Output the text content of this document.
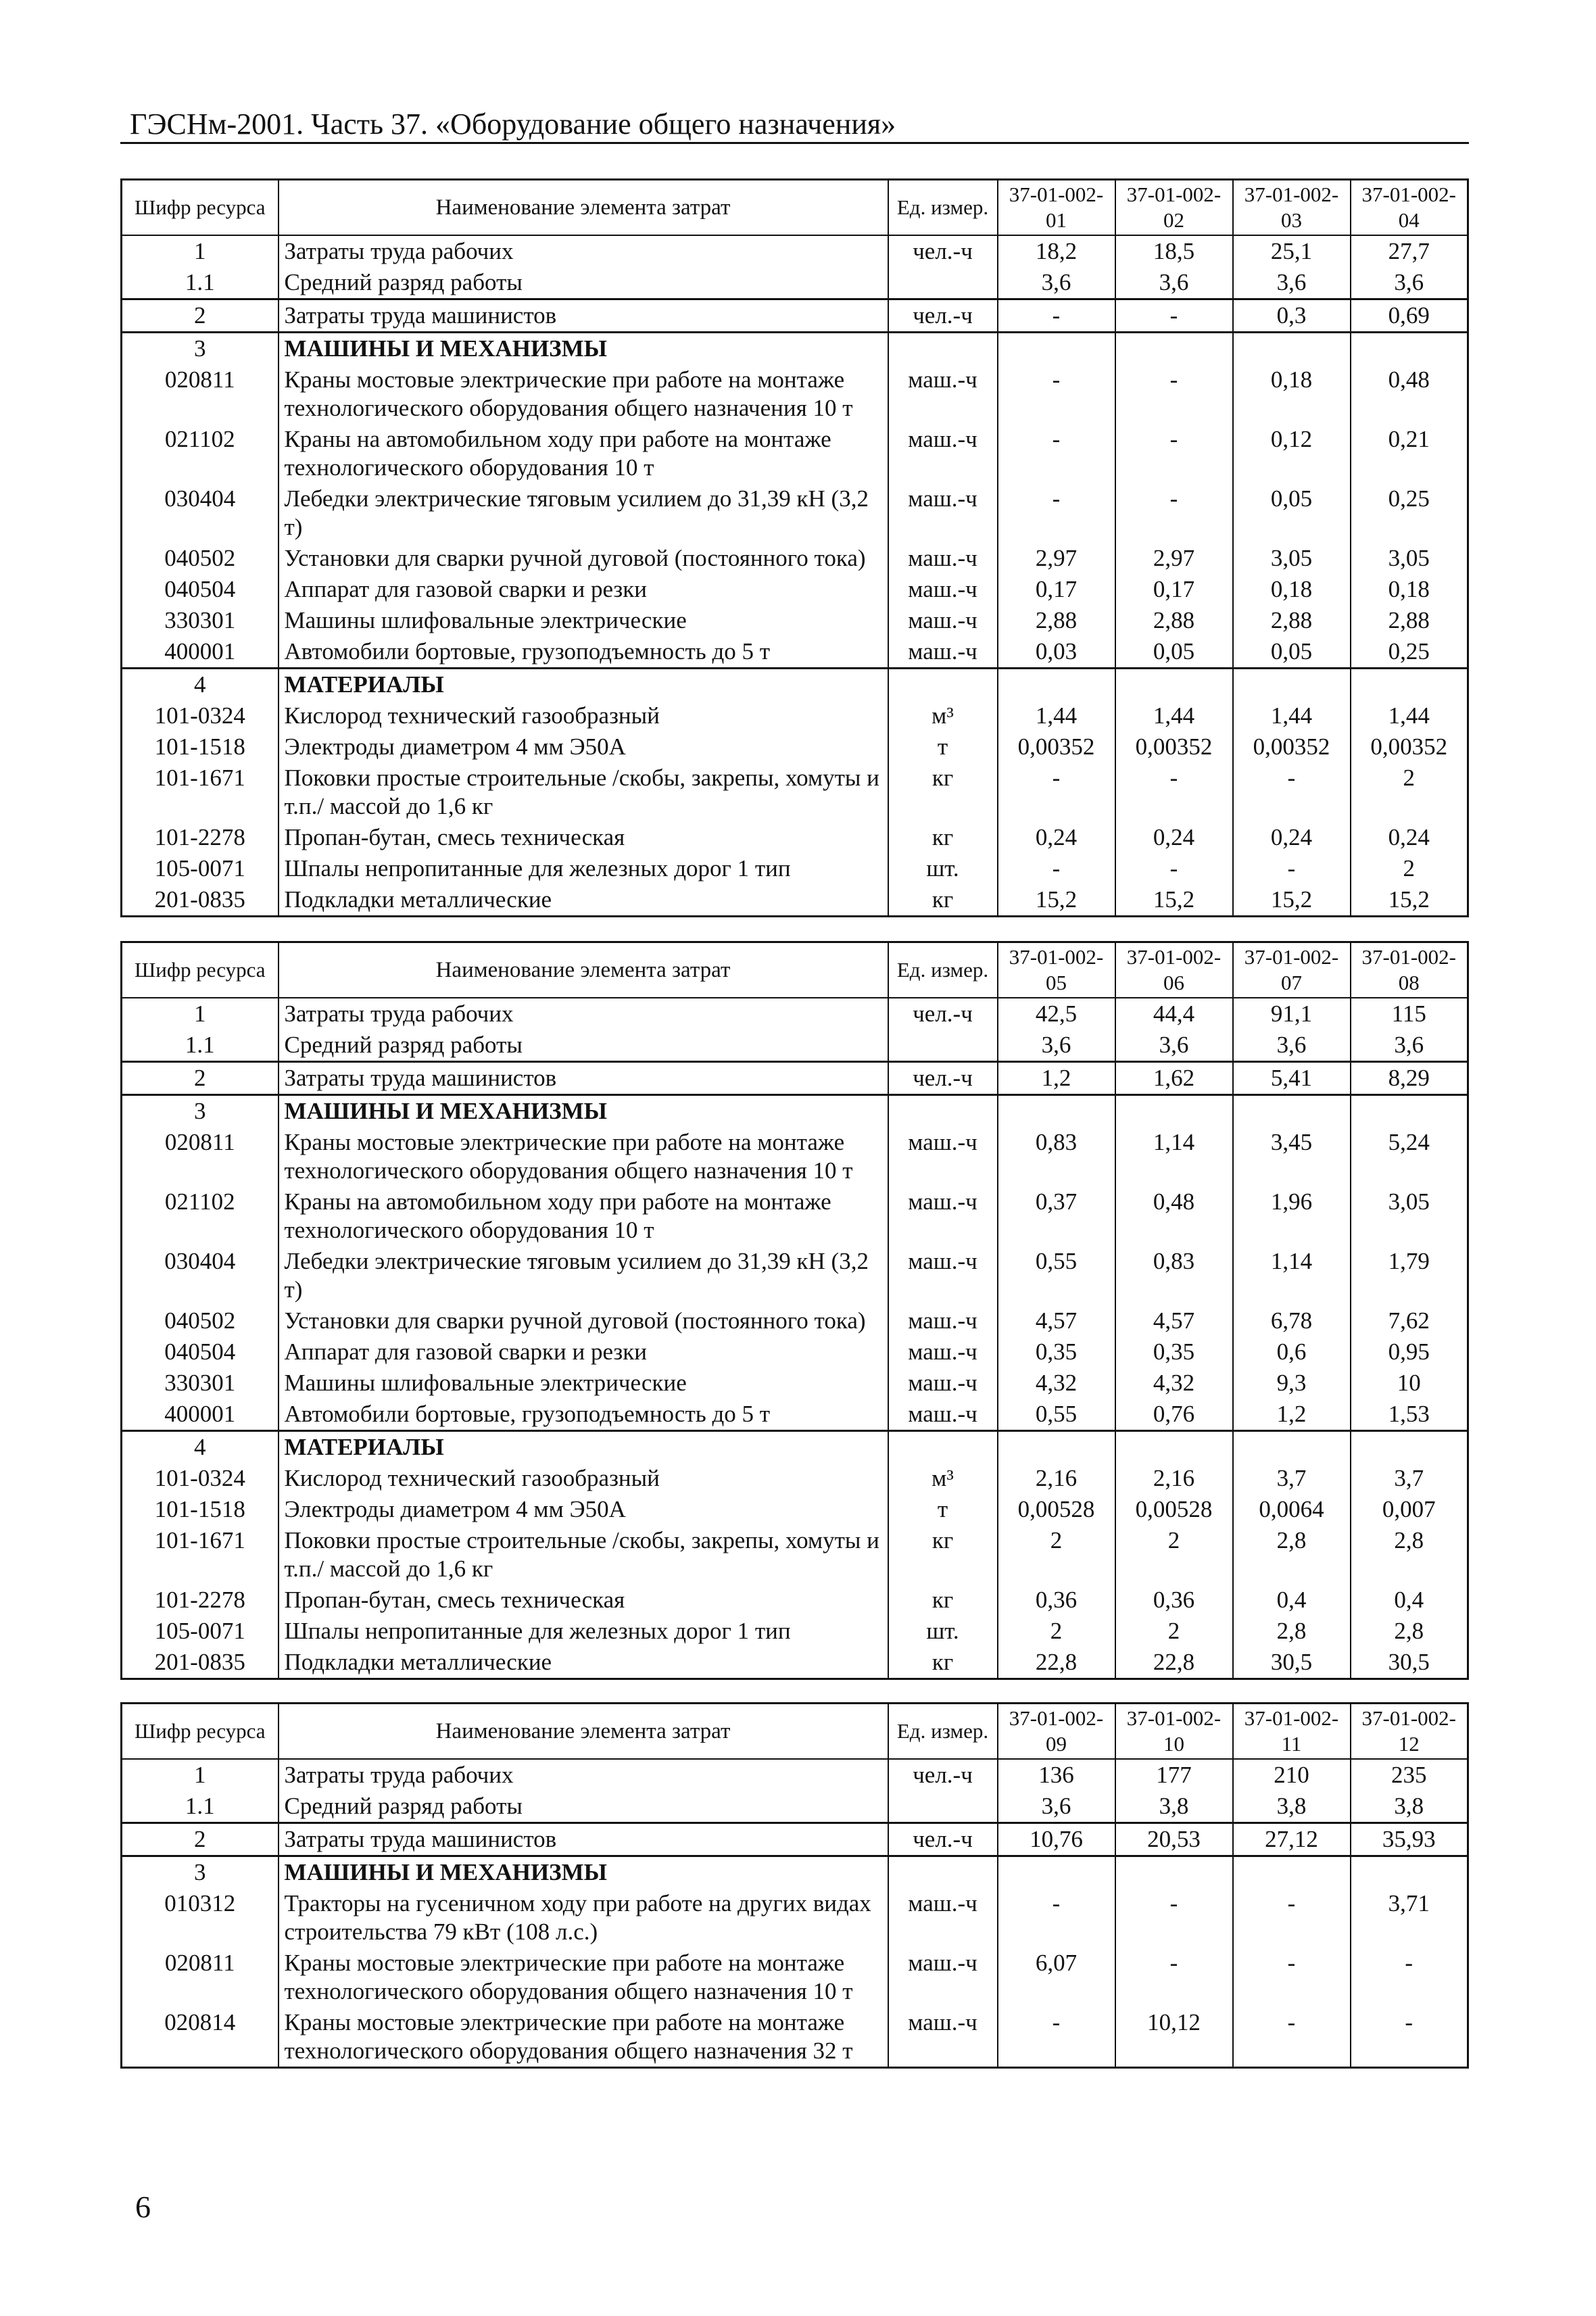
ГЭСНм-2001. Часть 37. «Оборудование общего назначения»
Шифр ресурса	Наименование элемента затрат	Ед. измер.	37-01-002-01	37-01-002-02	37-01-002-03	37-01-002-04
1	Затраты труда рабочих	чел.-ч	18,2	18,5	25,1	27,7
1.1	Средний разряд работы		3,6	3,6	3,6	3,6
2	Затраты труда машинистов	чел.-ч	-	-	0,3	0,69
3	МАШИНЫ И МЕХАНИЗМЫ					
020811	Краны мостовые электрические при работе на монтаже технологического оборудования общего назначения 10 т	маш.-ч	-	-	0,18	0,48
021102	Краны на автомобильном ходу при работе на монтаже технологического оборудования 10 т	маш.-ч	-	-	0,12	0,21
030404	Лебедки электрические тяговым усилием до 31,39 кН (3,2 т)	маш.-ч	-	-	0,05	0,25
040502	Установки для сварки ручной дуговой (постоянного тока)	маш.-ч	2,97	2,97	3,05	3,05
040504	Аппарат для газовой сварки и резки	маш.-ч	0,17	0,17	0,18	0,18
330301	Машины шлифовальные электрические	маш.-ч	2,88	2,88	2,88	2,88
400001	Автомобили бортовые, грузоподъемность до 5 т	маш.-ч	0,03	0,05	0,05	0,25
4	МАТЕРИАЛЫ					
101-0324	Кислород технический газообразный	м³	1,44	1,44	1,44	1,44
101-1518	Электроды диаметром 4 мм Э50А	т	0,00352	0,00352	0,00352	0,00352
101-1671	Поковки простые строительные /скобы, закрепы, хомуты и т.п./ массой до 1,6 кг	кг	-	-	-	2
101-2278	Пропан-бутан, смесь техническая	кг	0,24	0,24	0,24	0,24
105-0071	Шпалы непропитанные для железных дорог 1 тип	шт.	-	-	-	2
201-0835	Подкладки металлические	кг	15,2	15,2	15,2	15,2
Шифр ресурса	Наименование элемента затрат	Ед. измер.	37-01-002-05	37-01-002-06	37-01-002-07	37-01-002-08
1	Затраты труда рабочих	чел.-ч	42,5	44,4	91,1	115
1.1	Средний разряд работы		3,6	3,6	3,6	3,6
2	Затраты труда машинистов	чел.-ч	1,2	1,62	5,41	8,29
3	МАШИНЫ И МЕХАНИЗМЫ					
020811	Краны мостовые электрические при работе на монтаже технологического оборудования общего назначения 10 т	маш.-ч	0,83	1,14	3,45	5,24
021102	Краны на автомобильном ходу при работе на монтаже технологического оборудования 10 т	маш.-ч	0,37	0,48	1,96	3,05
030404	Лебедки электрические тяговым усилием до 31,39 кН (3,2 т)	маш.-ч	0,55	0,83	1,14	1,79
040502	Установки для сварки ручной дуговой (постоянного тока)	маш.-ч	4,57	4,57	6,78	7,62
040504	Аппарат для газовой сварки и резки	маш.-ч	0,35	0,35	0,6	0,95
330301	Машины шлифовальные электрические	маш.-ч	4,32	4,32	9,3	10
400001	Автомобили бортовые, грузоподъемность до 5 т	маш.-ч	0,55	0,76	1,2	1,53
4	МАТЕРИАЛЫ					
101-0324	Кислород технический газообразный	м³	2,16	2,16	3,7	3,7
101-1518	Электроды диаметром 4 мм Э50А	т	0,00528	0,00528	0,0064	0,007
101-1671	Поковки простые строительные /скобы, закрепы, хомуты и т.п./ массой до 1,6 кг	кг	2	2	2,8	2,8
101-2278	Пропан-бутан, смесь техническая	кг	0,36	0,36	0,4	0,4
105-0071	Шпалы непропитанные для железных дорог 1 тип	шт.	2	2	2,8	2,8
201-0835	Подкладки металлические	кг	22,8	22,8	30,5	30,5
Шифр ресурса	Наименование элемента затрат	Ед. измер.	37-01-002-09	37-01-002-10	37-01-002-11	37-01-002-12
1	Затраты труда рабочих	чел.-ч	136	177	210	235
1.1	Средний разряд работы		3,6	3,8	3,8	3,8
2	Затраты труда машинистов	чел.-ч	10,76	20,53	27,12	35,93
3	МАШИНЫ И МЕХАНИЗМЫ					
010312	Тракторы на гусеничном ходу при работе на других видах строительства 79 кВт (108 л.с.)	маш.-ч	-	-	-	3,71
020811	Краны мостовые электрические при работе на монтаже технологического оборудования общего назначения 10 т	маш.-ч	6,07	-	-	-
020814	Краны мостовые электрические при работе на монтаже технологического оборудования общего назначения 32 т	маш.-ч	-	10,12	-	-
6
